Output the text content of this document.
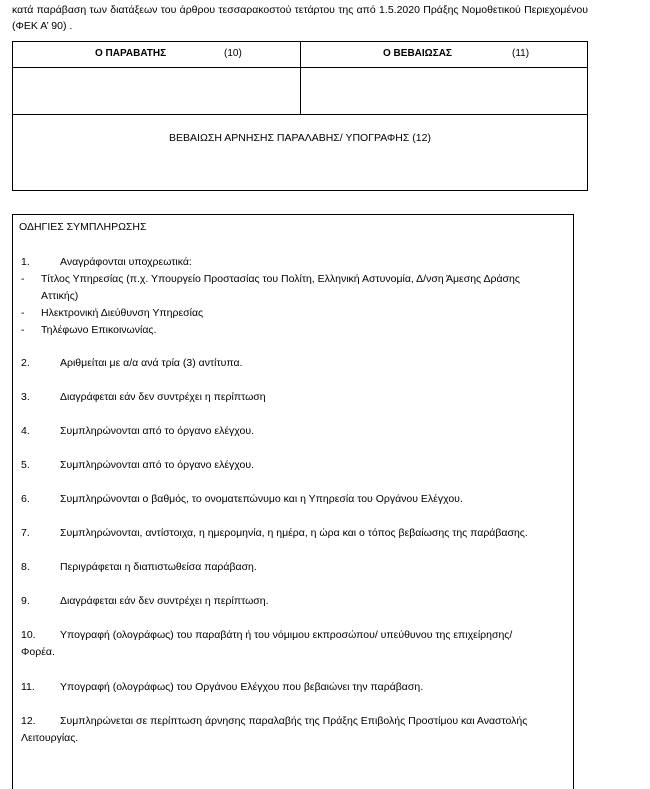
κατά παράβαση των διατάξεων του άρθρου τεσσαρακοστού τετάρτου της από 1.5.2020 Πράξης Νομοθετικού Περιεχομένου (ΦΕΚ Α’ 90) .
Ο ΠΑΡΑΒΑΤΗΣ	(10)	Ο ΒΕΒΑΙΩΣΑΣ	(11)
ΒΕΒΑΙΩΣΗ ΑΡΝΗΣΗΣ ΠΑΡΑΛΑΒΗΣ/ ΥΠΟΓΡΑΦΗΣ (12)
ΟΔΗΓΙΕΣ ΣΥΜΠΛΗΡΩΣΗΣ
1.	Αναγράφονται υποχρεωτικά:
- Τίτλος Υπηρεσίας (π.χ. Υπουργείο Προστασίας του Πολίτη, Ελληνική Αστυνομία, Δ/νση Άμεσης Δράσης Αττικής)
- Ηλεκτρονική Διεύθυνση Υπηρεσίας
- Τηλέφωνο Επικοινωνίας.
2.	Αριθμείται με α/α ανά τρία (3) αντίτυπα.
3.	Διαγράφεται εάν δεν συντρέχει η περίπτωση
4.	Συμπληρώνονται από το όργανο ελέγχου.
5.	Συμπληρώνονται από το όργανο ελέγχου.
6.	Συμπληρώνονται ο βαθμός, το ονοματεπώνυμο και η Υπηρεσία του Οργάνου Ελέγχου.
7.	Συμπληρώνονται, αντίστοιχα, η ημερομηνία, η ημέρα, η ώρα και ο τόπος βεβαίωσης της παράβασης.
8.	Περιγράφεται η διαπιστωθείσα παράβαση.
9.	Διαγράφεται εάν δεν συντρέχει η περίπτωση.
10. Υπογραφή (ολογράφως) του παραβάτη ή του νόμιμου εκπροσώπου/ υπεύθυνου της επιχείρησης/
Φορέα.
11. Υπογραφή (ολογράφως) του Οργάνου Ελέγχου που βεβαιώνει την παράβαση.
12. Συμπληρώνεται σε περίπτωση άρνησης παραλαβής της Πράξης Επιβολής Προστίμου και Αναστολής
Λειτουργίας.
